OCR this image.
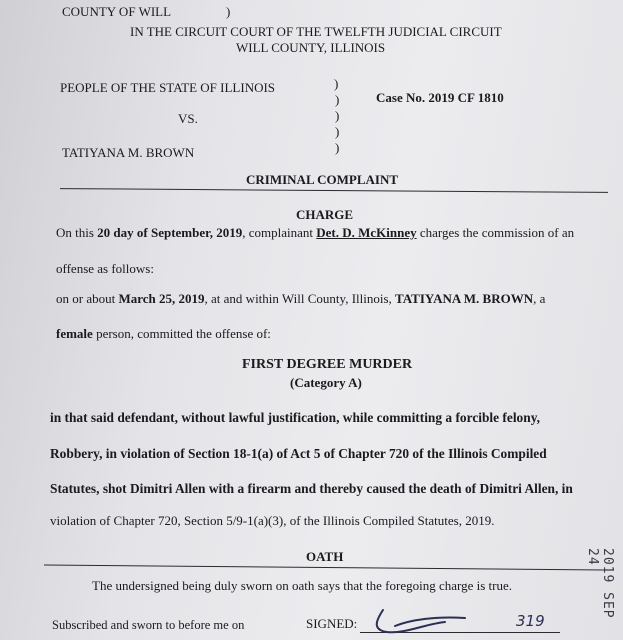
COUNTY OF WILL	)
IN THE CIRCUIT COURT OF THE TWELFTH JUDICIAL CIRCUIT
WILL COUNTY, ILLINOIS
PEOPLE OF THE STATE OF ILLINOIS
VS.
TATIYANA M. BROWN
Case No. 2019 CF 1810
)
)
)
)
)
CRIMINAL COMPLAINT
CHARGE
On this 20 day of September, 2019, complainant Det. D. McKinney charges the commission of an
offense as follows:
on or about March 25, 2019, at and within Will County, Illinois, TATIYANA M. BROWN, a
female person, committed the offense of:
FIRST DEGREE MURDER
(Category A)
in that said defendant, without lawful justification, while committing a forcible felony,
Robbery, in violation of Section 18-1(a) of Act 5 of Chapter 720 of the Illinois Compiled
Statutes, shot Dimitri Allen with a firearm and thereby caused the death of Dimitri Allen, in
violation of Chapter 720, Section 5/9-1(a)(3), of the Illinois Compiled Statutes, 2019.
OATH
The undersigned being duly sworn on oath says that the foregoing charge is true.
Subscribed and sworn to before me on	SIGNED:	319
2019 SEP 24
